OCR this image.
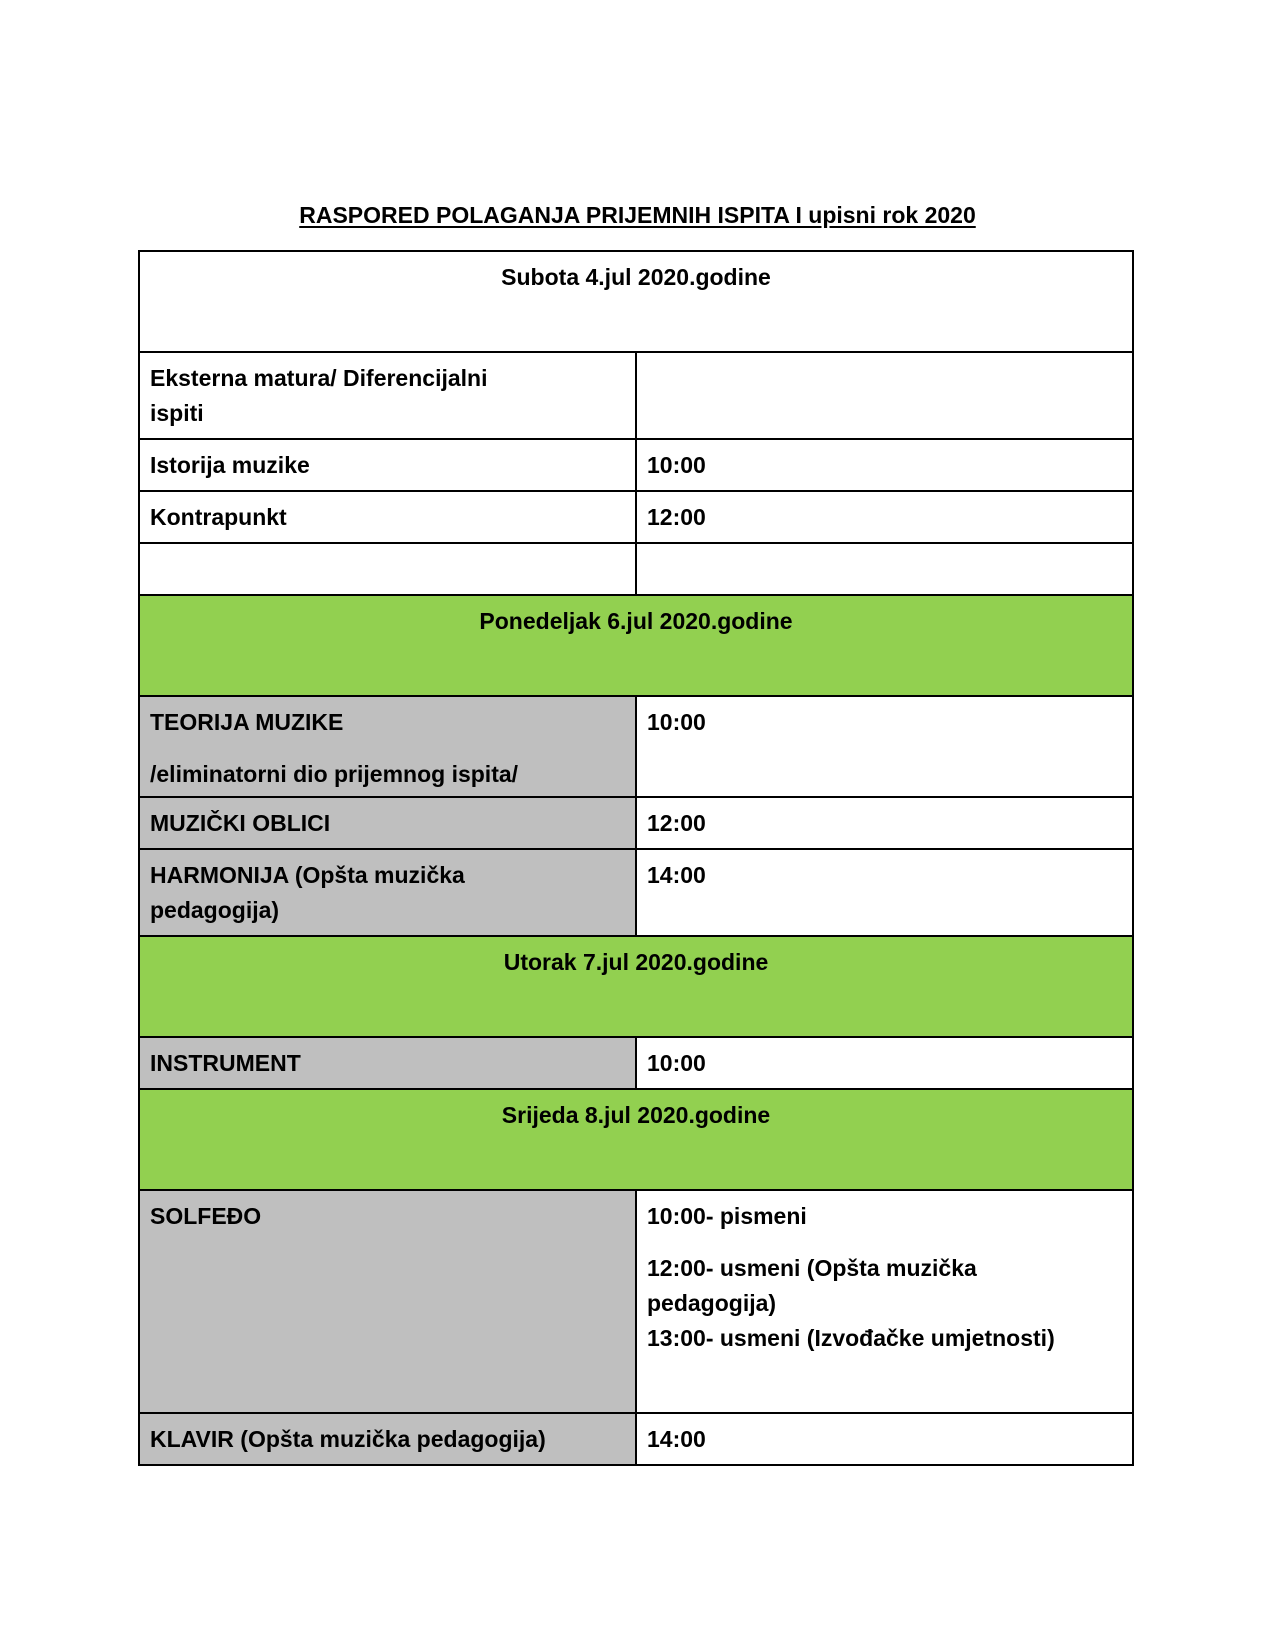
RASPORED POLAGANJA PRIJEMNIH ISPITA I upisni rok 2020
Subota 4.jul 2020.godine	

Eksterna matura/ Diferencijalni
ispiti	

Istorija muzike	10:00

Kontrapunkt	12:00

Ponedeljak 6.jul 2020.godine	

TEORIJA MUZIKE
/eliminatorni dio prijemnog ispita/	10:00

MUZIČKI OBLICI	12:00

HARMONIJA (Opšta muzička
pedagogija)	14:00

Utorak 7.jul 2020.godine	

INSTRUMENT	10:00

Srijeda 8.jul 2020.godine	

SOLFEĐO	10:00- pismeni
12:00- usmeni (Opšta muzička
pedagogija)
13:00- usmeni (Izvođačke umjetnosti)

KLAVIR (Opšta muzička pedagogija)	14:00
